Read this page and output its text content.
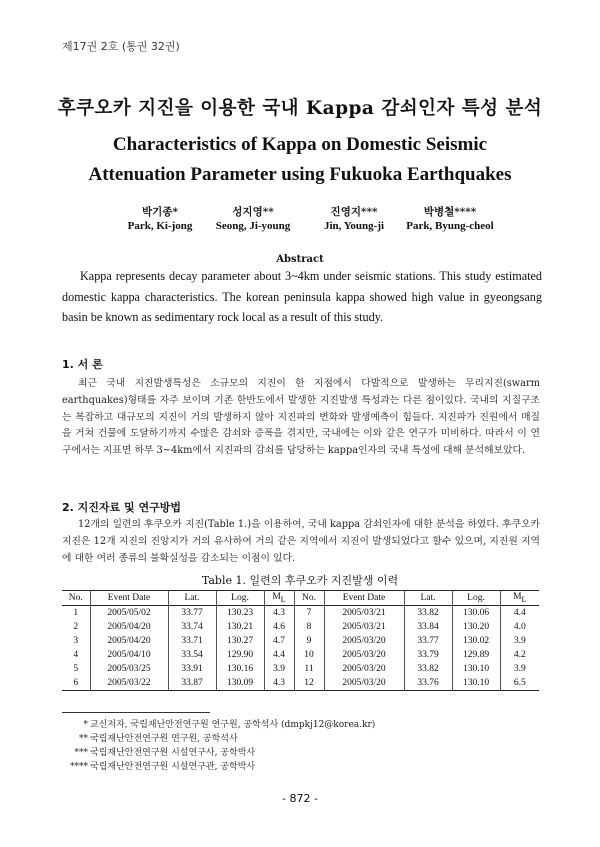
제17권 2호 (통권 32권)
후쿠오카 지진을 이용한 국내 Kappa 감쇠인자 특성 분석
Characteristics of Kappa on Domestic Seismic
Attenuation Parameter using Fukuoka Earthquakes
박기종*
Park, Ki-jong
성지영**
Seong, Ji-young
진영지***
Jin, Young-ji
박병철****
Park, Byung-cheol
Abstract
Kappa represents decay parameter about 3~4km under seismic stations. This study estimated domestic kappa characteristics. The korean peninsula kappa showed high value in gyeongsang basin be known as sedimentary rock local as a result of this study.
1. 서 론
최근 국내 지진발생특성은 소규모의 지진이 한 지점에서 다발적으로 발생하는 무리지진(swarm earthquakes)형태를 자주 보이며 기존 한반도에서 발생한 지진발생 특성과는 다른 점이있다. 국내의 지질구조는 복잡하고 대규모의 지진이 거의 발생하지 않아 지진파의 변화와 발생예측이 힘들다. 지진파가 진원에서 매질을 거쳐 건물에 도달하기까지 수많은 감쇠와 증폭을 겪지만, 국내에는 이와 같은 연구가 미비하다. 따라서 이 연구에서는 지표면 하부 3~4km에서 지진파의 감쇠를 담당하는 kappa인자의 국내 특성에 대해 분석해보았다.
2. 지진자료 및 연구방법
12개의 일련의 후쿠오카 지진(Table 1.)을 이용하여, 국내 kappa 감쇠인자에 대한 분석을 하였다. 후쿠오카 지진은 12개 지진의 진앙지가 거의 유사하여 거의 같은 지역에서 지진이 발생되었다고 할수 있으며, 지진원 지역에 대한 여러 종류의 불확실성을 감소되는 이점이 있다.
Table 1. 일련의 후쿠오카 지진발생 이력
No.	Event Date	Lat.	Log.	$M_L$	No.	Event Date	Lat.	Log.	$M_L$
1	2005/05/02	33.77	130.23	4.3	7	2005/03/21	33.82	130.06	4.4
2	2005/04/20	33.74	130.21	4.6	8	2005/03/21	33.84	130.20	4.0
3	2005/04/20	33.71	130.27	4.7	9	2005/03/20	33.77	130.02	3.9
4	2005/04/10	33.54	129.90	4.4	10	2005/03/20	33.79	129.89	4.2
5	2005/03/25	33.91	130.16	3.9	11	2005/03/20	33.82	130.10	3.9
6	2005/03/22	33.87	130.09	4.3	12	2005/03/20	33.76	130.10	6.5
* 교신저자, 국립재난안전연구원 연구원, 공학석사 (dmpkj12@korea.kr)
** 국립재난안전연구원 연구원, 공학석사
*** 국립재난안전연구원 시설연구사, 공학박사
**** 국립재난안전연구원 시설연구관, 공학박사
- 872 -
